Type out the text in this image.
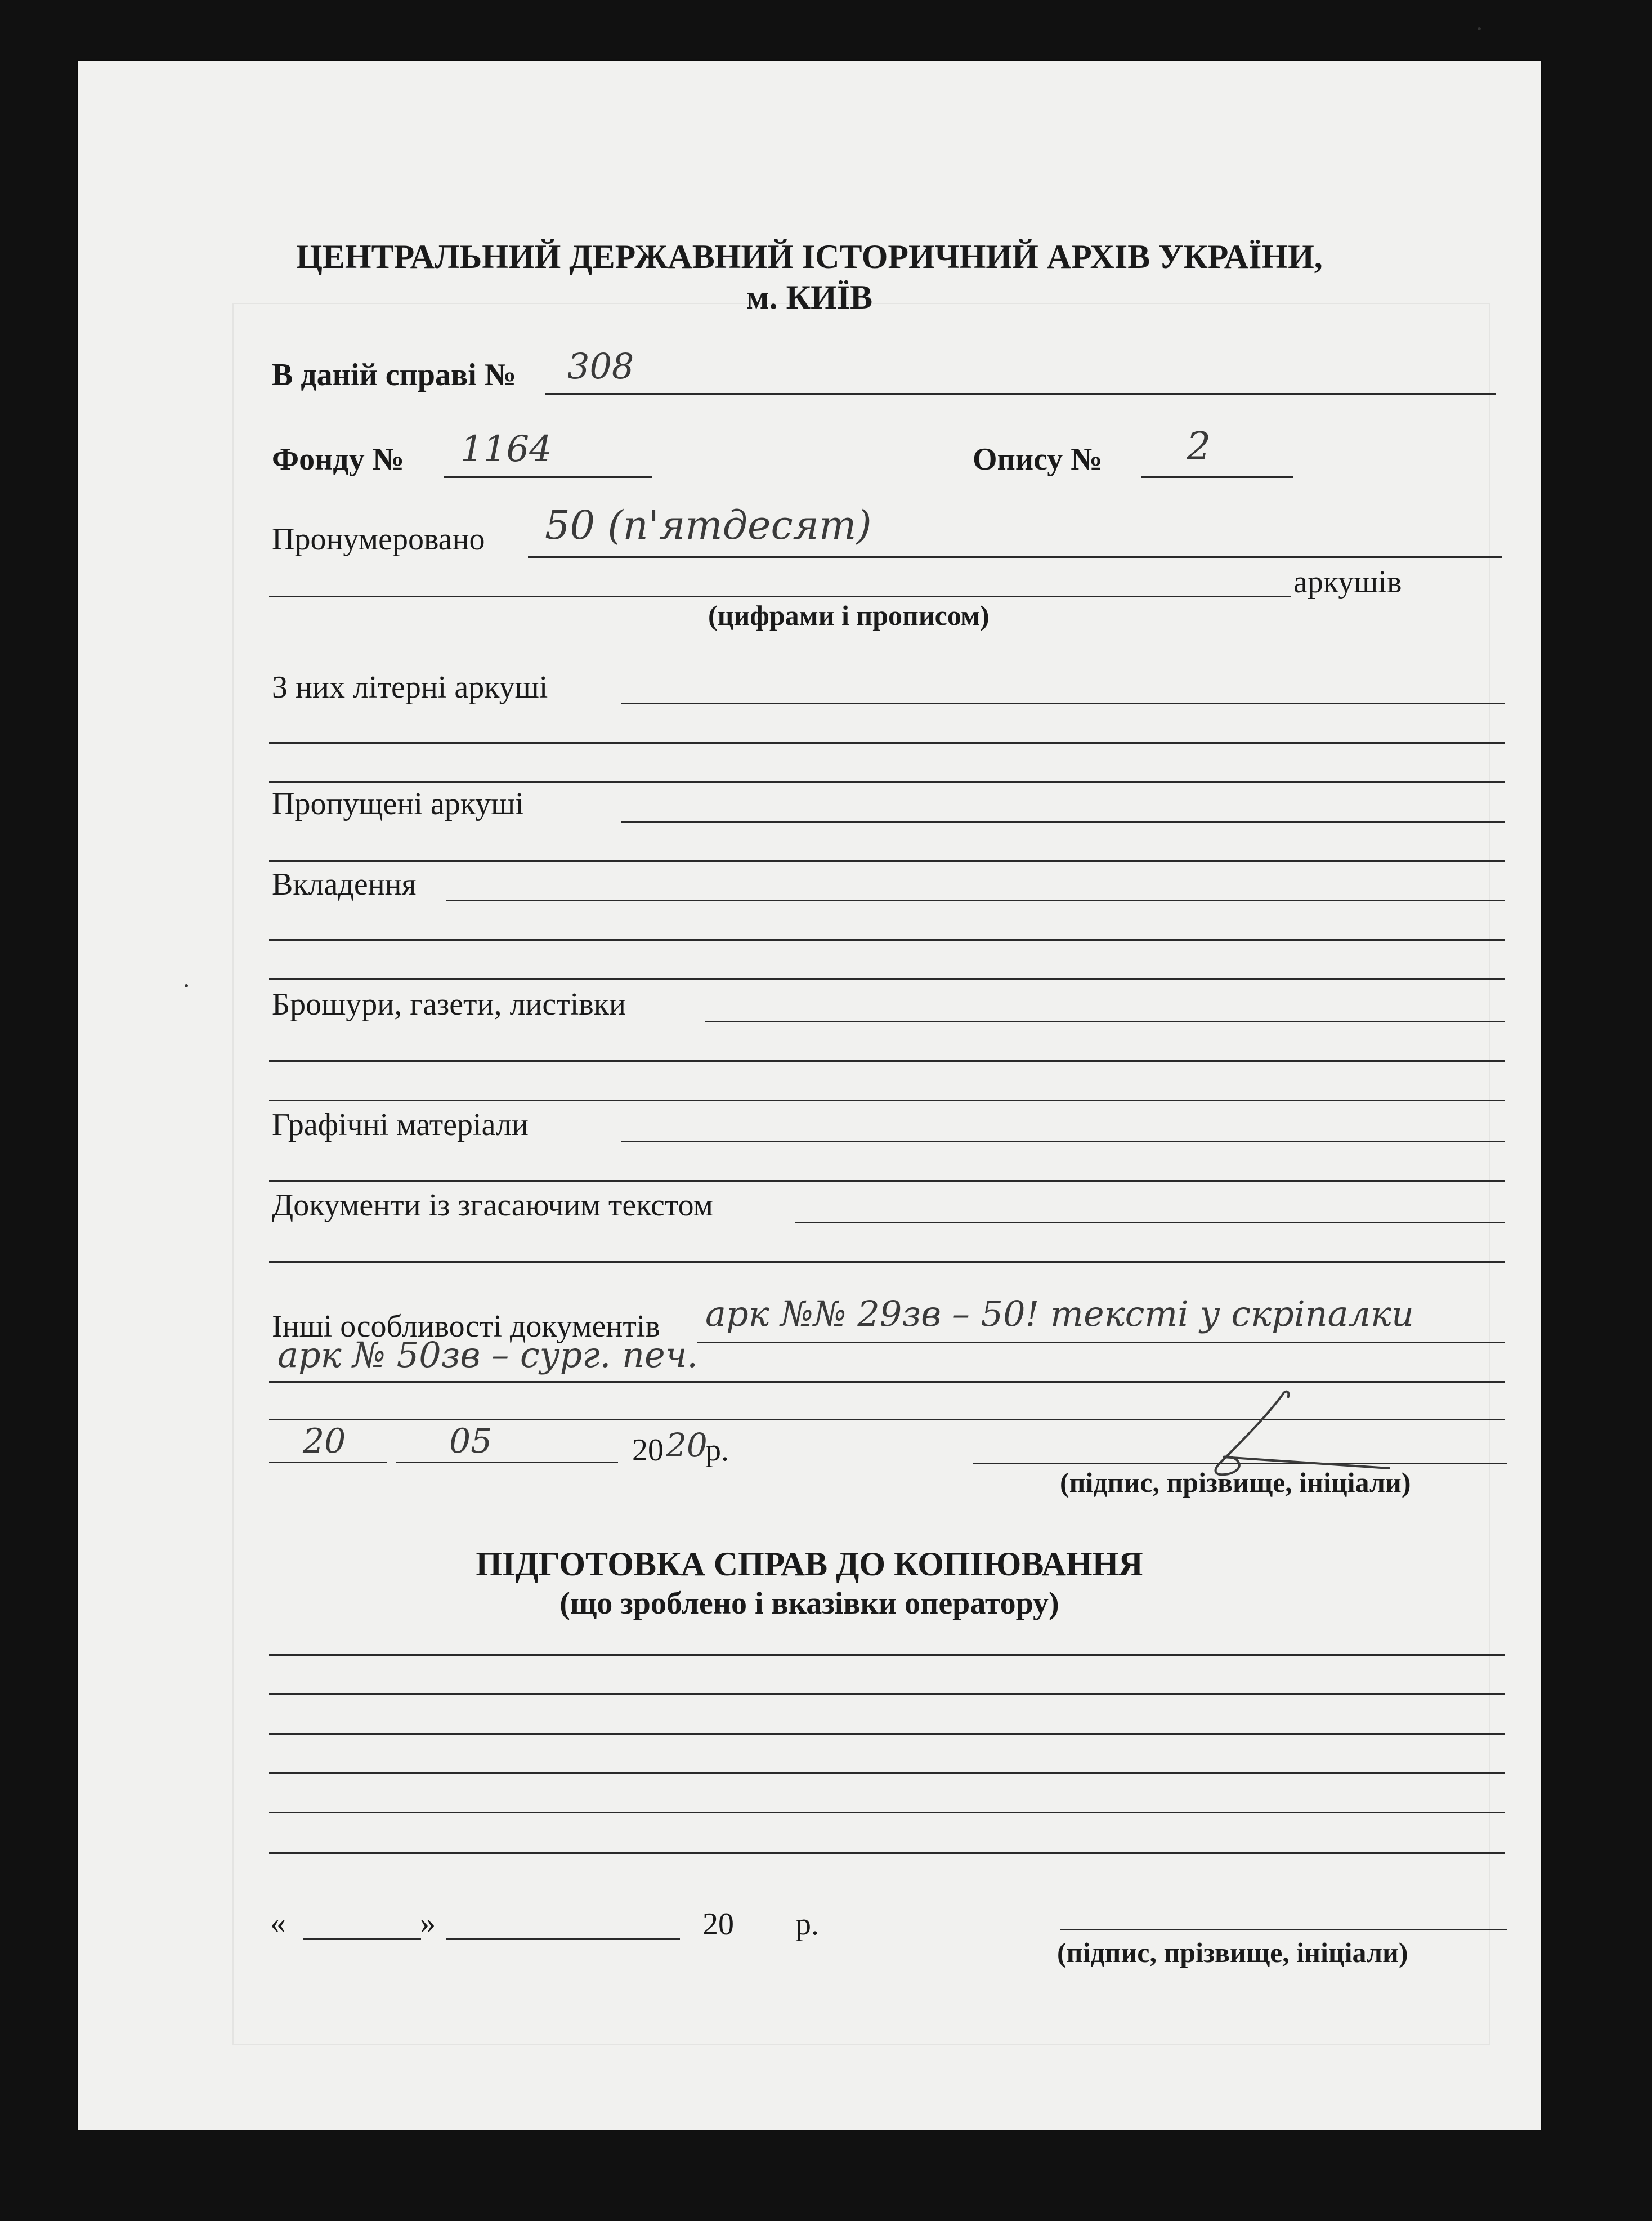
ЦЕНТРАЛЬНИЙ ДЕРЖАВНИЙ ІСТОРИЧНИЙ АРХІВ УКРАЇНИ,
м. КИЇВ
В даній справі № 308
Фонду № 1164	Опису № 2
Пронумеровано 50 (п'ятдесят)
аркушів
(цифрами і прописом)
З них літерні аркуші
Пропущені аркуші
Вкладення
Брошури, газети, листівки
Графічні матеріали
Документи із згасаючим текстом
Інші особливості документів арк №№ 29зв – 50! тексті у скріпалки
арк № 50зв – сург. печ.
20	05	20 20
р.
(підпис, прізвище, ініціали)
ПІДГОТОВКА СПРАВ ДО КОПІЮВАННЯ
(що зроблено і вказівки оператору)
«	»	20 р.
(підпис, прізвище, ініціали)
